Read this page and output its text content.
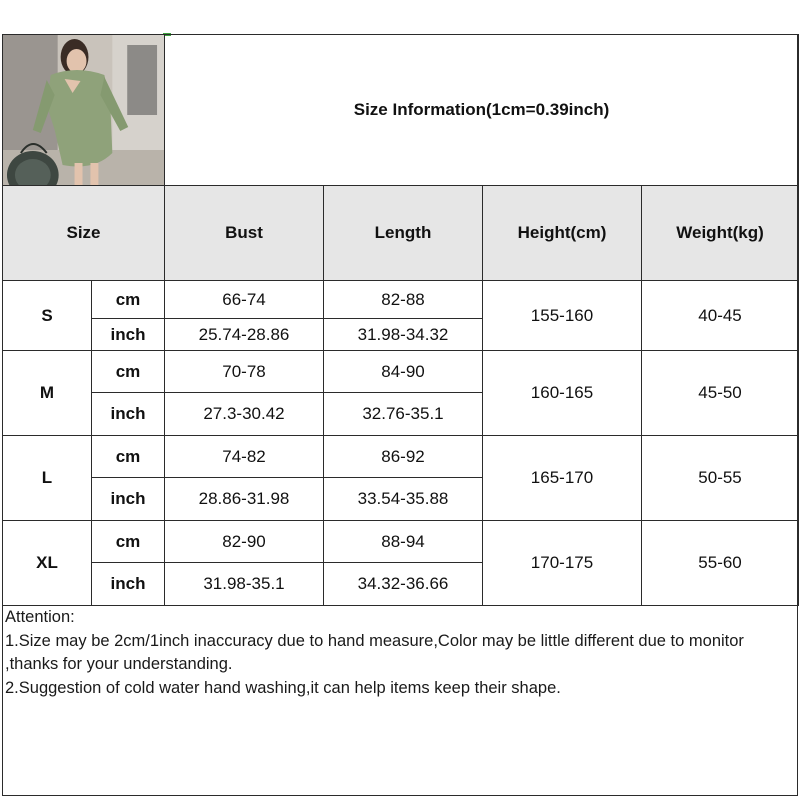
	Size Information(1cm=0.39inch)			
Size		Bust	Length	Height(cm)	Weight(kg)
S	cm	66-74	82-88	155-160	40-45
	inch	25.74-28.86	31.98-34.32		
M	cm	70-78	84-90	160-165	45-50
	inch	27.3-30.42	32.76-35.1		
L	cm	74-82	86-92	165-170	50-55
	inch	28.86-31.98	33.54-35.88		
XL	cm	82-90	88-94	170-175	55-60
	inch	31.98-35.1	34.32-36.66		
Attention:
1.Size may be 2cm/1inch inaccuracy due to hand measure,Color may be little different due to monitor ,thanks for your understanding.
2.Suggestion of cold water hand washing,it can help items keep their shape.
